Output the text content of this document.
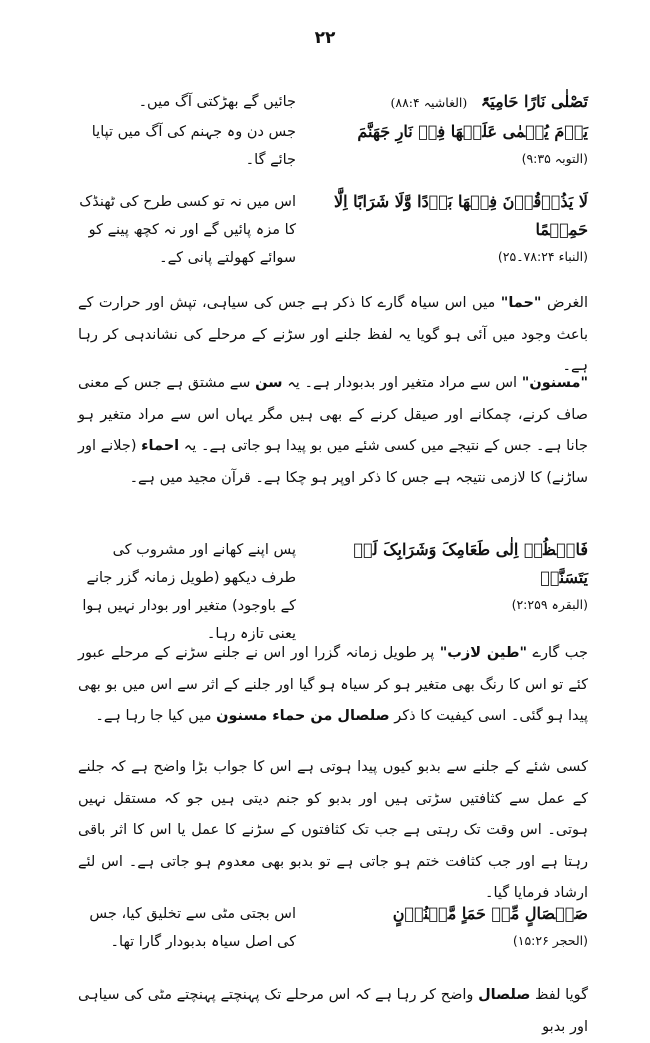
۲۲
تَصْلٰی نَارًا حَامِیَۃً (الغاشیہ ۸۸:۴)
جائیں گے بھڑکتی آگ میں۔
یَوۡمَ یُحۡمٰی عَلَیۡهَا فِیۡ نَارِ جَهَنَّمَ
(التوبہ ۹:۳۵)
جس دن وہ جہنم کی آگ میں تپایا جائے گا۔
لَا یَذُوۡقُوۡنَ فِیۡهَا بَرۡدًا وَّلَا شَرَابًا اِلَّا حَمِیۡمًا
(النباء ۷۸:۲۴۔۲۵)
اس میں نہ تو کسی طرح کی ٹھنڈک کا مزہ پائیں گے اور نہ کچھ پینے کو سوائے کھولتے پانی کے۔
الغرض "حما" میں اس سیاہ گارے کا ذکر ہے جس کی سیاہی، تپش اور حرارت کے باعث وجود میں آئی ہو گویا یہ لفظ جلنے اور سڑنے کے مرحلے کی نشاندہی کر رہا ہے۔
"مسنون" اس سے مراد متغیر اور بدبودار ہے۔ یہ سن سے مشتق ہے جس کے معنی صاف کرنے، چمکانے اور صیقل کرنے کے بھی ہیں مگر یہاں اس سے مراد متغیر ہو جانا ہے۔ جس کے نتیجے میں کسی شئے میں بو پیدا ہو جاتی ہے۔ یہ احماء (جلانے اور ساڑنے) کا لازمی نتیجہ ہے جس کا ذکر اوپر ہو چکا ہے۔ قرآن مجید میں ہے۔
فَانۡظُرۡ اِلٰی طَعَامِکَ وَشَرَابِکَ لَمۡ یَتَسَنَّهۡ
(البقرہ ۲:۲۵۹)
پس اپنے کھانے اور مشروب کی طرف دیکھو (طویل زمانہ گزر جانے کے باوجود) متغیر اور بودار نہیں ہوا یعنی تازہ رہا۔
جب گارے "طین لازب" پر طویل زمانہ گزرا اور اس نے جلنے سڑنے کے مرحلے عبور کئے تو اس کا رنگ بھی متغیر ہو کر سیاہ ہو گیا اور جلنے کے اثر سے اس میں بو بھی پیدا ہو گئی۔ اسی کیفیت کا ذکر صلصال من حماء مسنون میں کیا جا رہا ہے۔
کسی شئے کے جلنے سے بدبو کیوں پیدا ہوتی ہے اس کا جواب بڑا واضح ہے کہ جلنے کے عمل سے کثافتیں سڑتی ہیں اور بدبو کو جنم دیتی ہیں جو کہ مستقل نہیں ہوتی۔ اس وقت تک رہتی ہے جب تک کثافتوں کے سڑنے کا عمل یا اس کا اثر باقی رہتا ہے اور جب کثافت ختم ہو جاتی ہے تو بدبو بھی معدوم ہو جاتی ہے۔ اس لئے ارشاد فرمایا گیا۔
صَلۡصَالٍ مِّنۡ حَمَاٍ مَّسۡنُوۡنٍ
(الحجر ۱۵:۲۶)
اس بجتی مٹی سے تخلیق کیا، جس کی اصل سیاہ بدبودار گارا تھا۔
گویا لفظ صلصال واضح کر رہا ہے کہ اس مرحلے تک پہنچتے پہنچتے مٹی کی سیاہی اور بدبو
